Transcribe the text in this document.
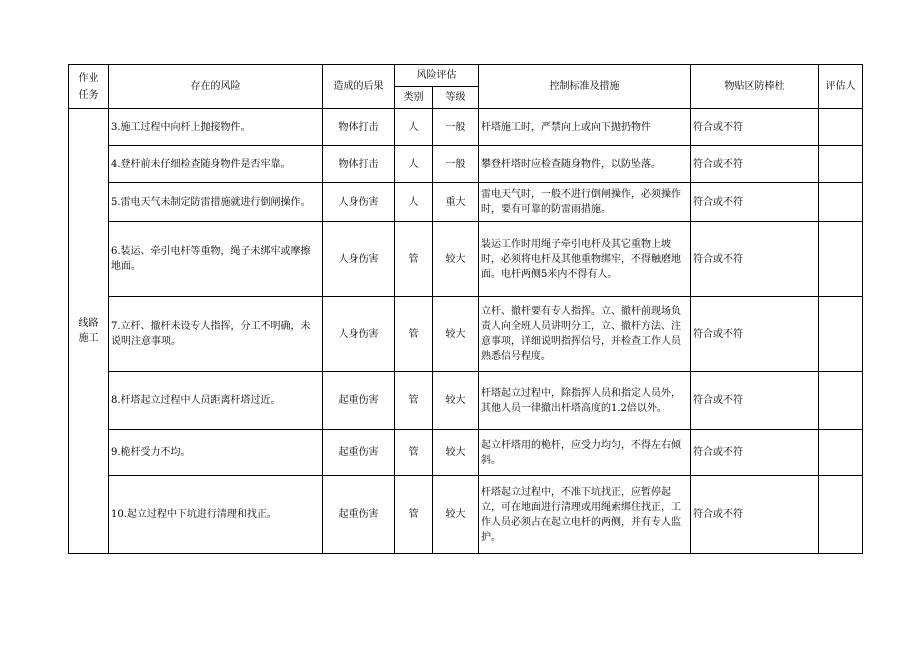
作业
任务	存在的风险	造成的后果	风险评估		控制标准及措施	物贴区防棒杜	评估人
			类别	等级			
线路
施工	3.施工过程中向杆上抛接物件。	物体打击	人	一般	杆塔施工时，严禁向上或向下抛扔物件	符合或不符	
	4.登杆前未仔细检查随身物件是否牢靠。	物体打击	人	一般	攀登杆塔时应检查随身物件，以防坠落。	符合或不符	
	5.雷电天气未制定防雷措施就进行倒闸操作。	人身伤害	人	重大	雷电天气时，一般不进行倒闸操作，必须操作时，要有可靠的防雷雨措施。	符合或不符	
	6.装运、牵引电杆等重物，绳子未绑牢或摩擦地面。	人身伤害	管	较大	装运工作时用绳子牵引电杆及其它重物上坡时，必须将电杆及其他重物绑牢，不得触磨地面。电杆两侧5米内不得有人。	符合或不符	
	7.立杆、撤杆未设专人指挥，分工不明确，未说明注意事项。	人身伤害	管	较大	立杆、撤杆要有专人指挥。立、撤杆前现场负责人向全班人员讲明分工，立、撤杆方法、注意事项，详细说明指挥信号，并检查工作人员熟悉信号程度。	符合或不符	
	8.杆塔起立过程中人员距离杆塔过近。	起重伤害	管	较大	杆塔起立过程中，除指挥人员和指定人员外，其他人员一律撤出杆塔高度的1.2倍以外。	符合或不符	
	9.桅杆受力不均。	起重伤害	管	较大	起立杆塔用的桅杆，应受力均匀，不得左右倾斜。	符合或不符	
	10.起立过程中下坑进行清理和找正。	起重伤害	管	较大	杆塔起立过程中，不准下坑找正，应暂停起立，可在地面进行清理或用绳索绑住找正，工作人员必须占在起立电杆的两侧，并有专人监护。	符合或不符	
